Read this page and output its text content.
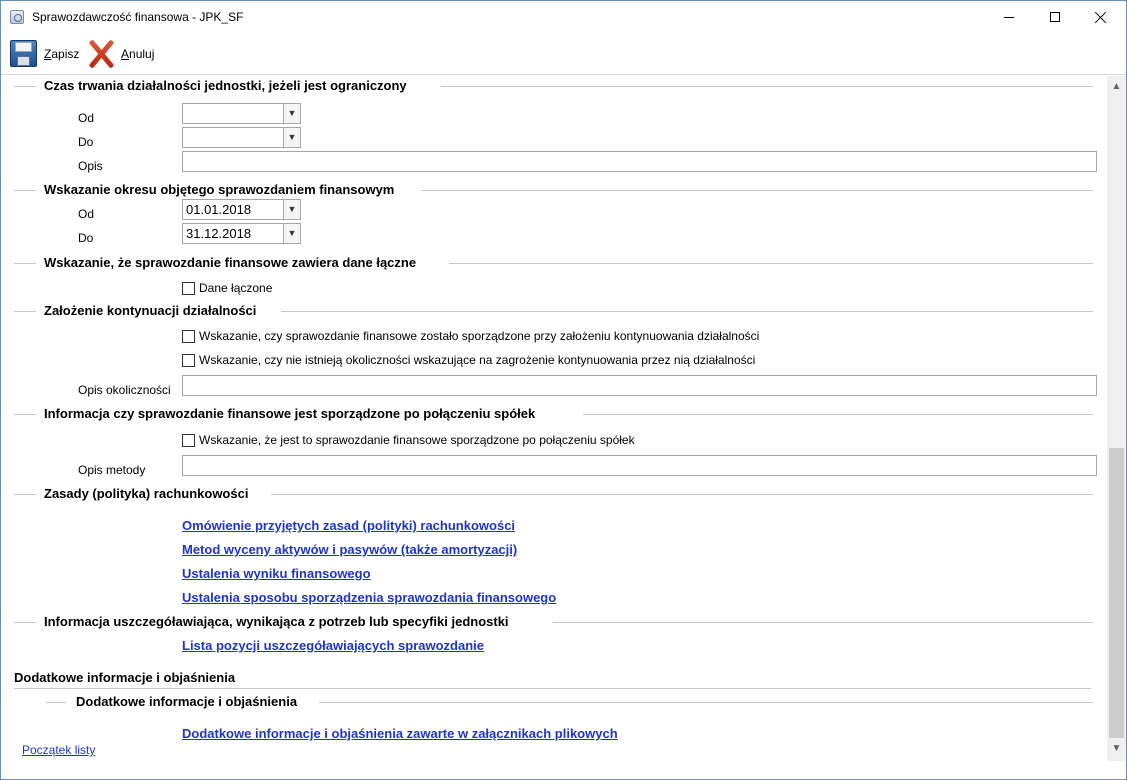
Sprawozdawczość finansowa - JPK_SF
Zapisz	Anuluj
Czas trwania działalności jednostki, jeżeli jest ograniczony
Od	▼
Do	▼
Opis
Wskazanie okresu objętego sprawozdaniem finansowym
Od	01.01.2018	▼
Do	31.12.2018	▼
Wskazanie, że sprawozdanie finansowe zawiera dane łączne
Dane łączone
Założenie kontynuacji działalności
Wskazanie, czy sprawozdanie finansowe zostało sporządzone przy założeniu kontynuowania działalności
Wskazanie, czy nie istnieją okoliczności wskazujące na zagrożenie kontynuowania przez nią działalności
Opis okoliczności
Informacja czy sprawozdanie finansowe jest sporządzone po połączeniu spółek
Wskazanie, że jest to sprawozdanie finansowe sporządzone po połączeniu spółek
Opis metody
Zasady (polityka) rachunkowości
Omówienie przyjętych zasad (polityki) rachunkowości
Metod wyceny aktywów i pasywów (także amortyzacji)
Ustalenia wyniku finansowego
Ustalenia sposobu sporządzenia sprawozdania finansowego
Informacja uszczegóławiająca, wynikająca z potrzeb lub specyfiki jednostki
Lista pozycji uszczegóławiających sprawozdanie
Dodatkowe informacje i objaśnienia
Dodatkowe informacje i objaśnienia
Dodatkowe informacje i objaśnienia zawarte w załącznikach plikowych
Początek listy
▲
▼
